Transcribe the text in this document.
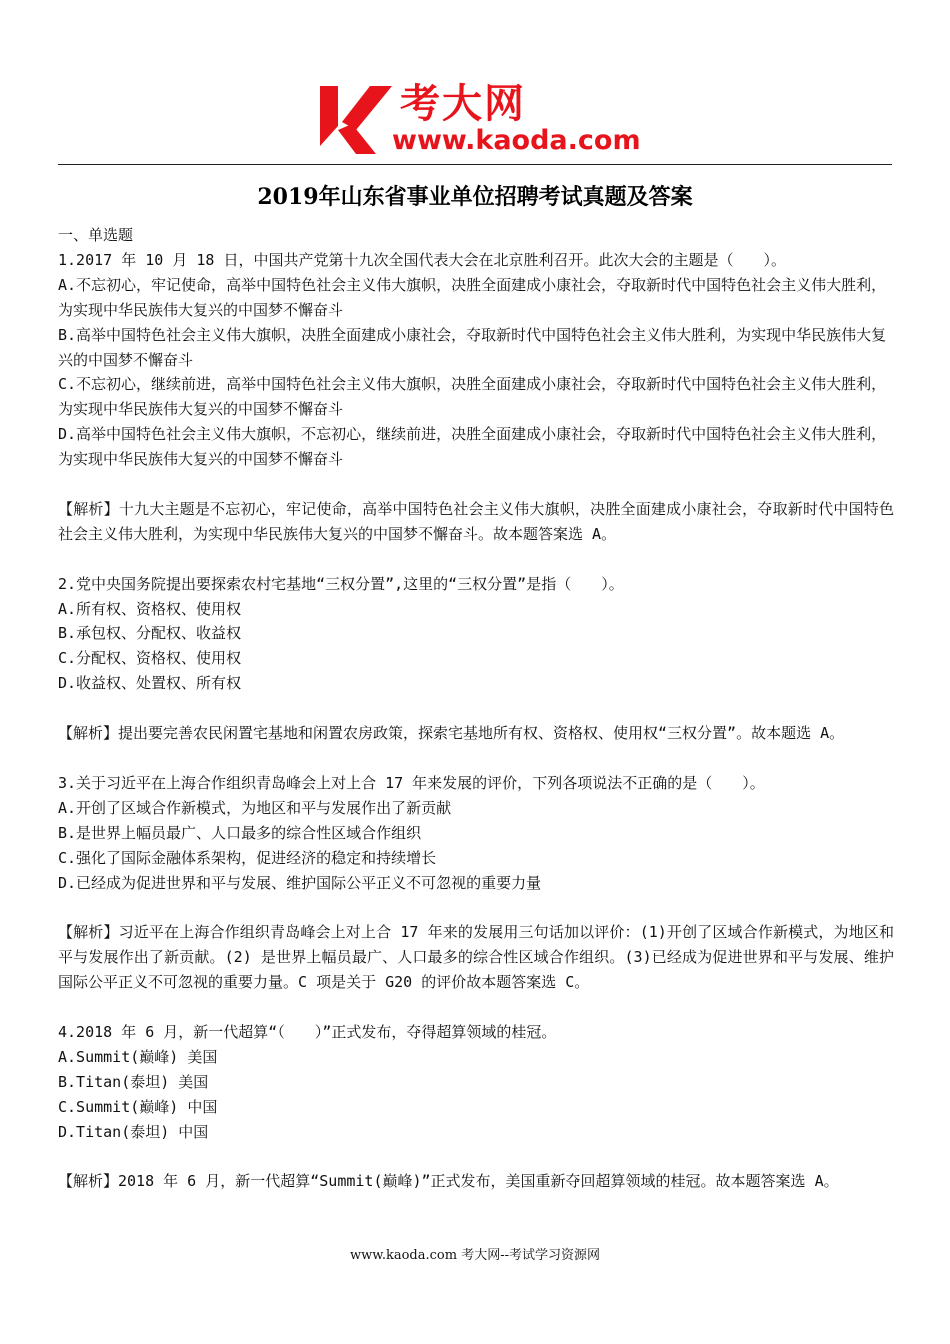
考大网
www.kaoda.com
2019年山东省事业单位招聘考试真题及答案

一、单选题

1.2017 年 10 月 18 日，中国共产党第十九次全国代表大会在北京胜利召开。此次大会的主题是（　　）。

A.不忘初心，牢记使命，高举中国特色社会主义伟大旗帜，决胜全面建成小康社会，夺取新时代中国特色社会主义伟大胜利，为实现中华民族伟大复兴的中国梦不懈奋斗

B.高举中国特色社会主义伟大旗帜，决胜全面建成小康社会，夺取新时代中国特色社会主义伟大胜利，为实现中华民族伟大复兴的中国梦不懈奋斗

C.不忘初心，继续前进，高举中国特色社会主义伟大旗帜，决胜全面建成小康社会，夺取新时代中国特色社会主义伟大胜利，为实现中华民族伟大复兴的中国梦不懈奋斗

D.高举中国特色社会主义伟大旗帜，不忘初心，继续前进，决胜全面建成小康社会，夺取新时代中国特色社会主义伟大胜利，为实现中华民族伟大复兴的中国梦不懈奋斗

【解析】十九大主题是不忘初心，牢记使命，高举中国特色社会主义伟大旗帜，决胜全面建成小康社会，夺取新时代中国特色社会主义伟大胜利，为实现中华民族伟大复兴的中国梦不懈奋斗。故本题答案选 A。

2.党中央国务院提出要探索农村宅基地“三权分置”,这里的“三权分置”是指（　　）。

A.所有权、资格权、使用权

B.承包权、分配权、收益权

C.分配权、资格权、使用权

D.收益权、处置权、所有权

【解析】提出要完善农民闲置宅基地和闲置农房政策，探索宅基地所有权、资格权、使用权“三权分置”。故本题选 A。

3.关于习近平在上海合作组织青岛峰会上对上合 17 年来发展的评价，下列各项说法不正确的是（　　）。

A.开创了区域合作新模式，为地区和平与发展作出了新贡献

B.是世界上幅员最广、人口最多的综合性区域合作组织

C.强化了国际金融体系架构，促进经济的稳定和持续增长

D.已经成为促进世界和平与发展、维护国际公平正义不可忽视的重要力量

【解析】习近平在上海合作组织青岛峰会上对上合 17 年来的发展用三句话加以评价：(1)开创了区域合作新模式，为地区和平与发展作出了新贡献。(2) 是世界上幅员最广、人口最多的综合性区域合作组织。(3)已经成为促进世界和平与发展、维护国际公平正义不可忽视的重要力量。C 项是关于 G20 的评价故本题答案选 C。

4.2018 年 6 月，新一代超算“（　　）”正式发布，夺得超算领域的桂冠。

A.Summit(巅峰) 美国

B.Titan(泰坦) 美国

C.Summit(巅峰) 中国

D.Titan(泰坦) 中国

【解析】2018 年 6 月，新一代超算“Summit(巅峰)”正式发布，美国重新夺回超算领域的桂冠。故本题答案选 A。

www.kaoda.com 考大网--考试学习资源网
